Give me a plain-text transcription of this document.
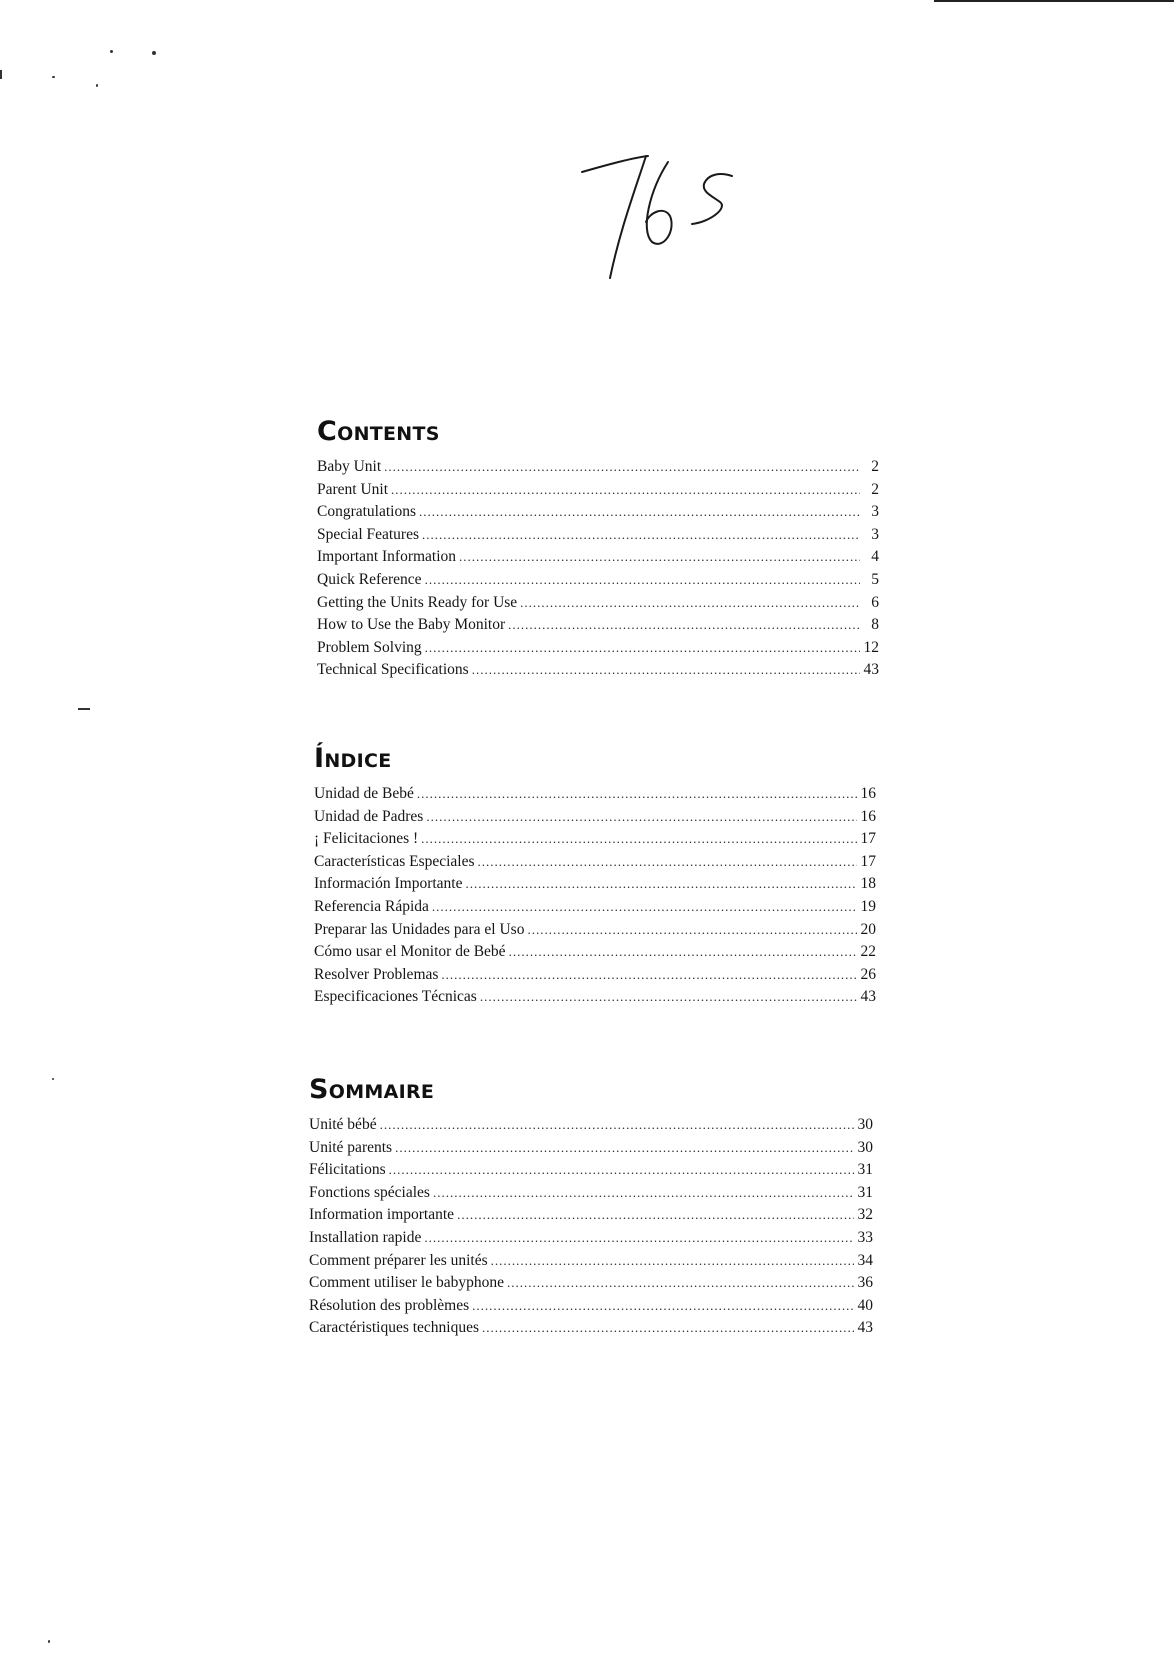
Contents
Baby Unit .....	2
Parent Unit .....	2
Congratulations .....	3
Special Features .....	3
Important Information .....	4
Quick Reference .....	5
Getting the Units Ready for Use .....	6
How to Use the Baby Monitor .....	8
Problem Solving .....	12
Technical Specifications .....	43
Índice
Unidad de Bebé .....	16
Unidad de Padres .....	16
¡ Felicitaciones ! .....	17
Características Especiales .....	17
Información Importante .....	18
Referencia Rápida .....	19
Preparar las Unidades para el Uso .....	20
Cómo usar el Monitor de Bebé .....	22
Resolver Problemas .....	26
Especificaciones Técnicas .....	43
Sommaire
Unité bébé .....	30
Unité parents .....	30
Félicitations .....	31
Fonctions spéciales .....	31
Information importante .....	32
Installation rapide .....	33
Comment préparer les unités .....	34
Comment utiliser le babyphone .....	36
Résolution des problèmes .....	40
Caractéristiques techniques .....	43
